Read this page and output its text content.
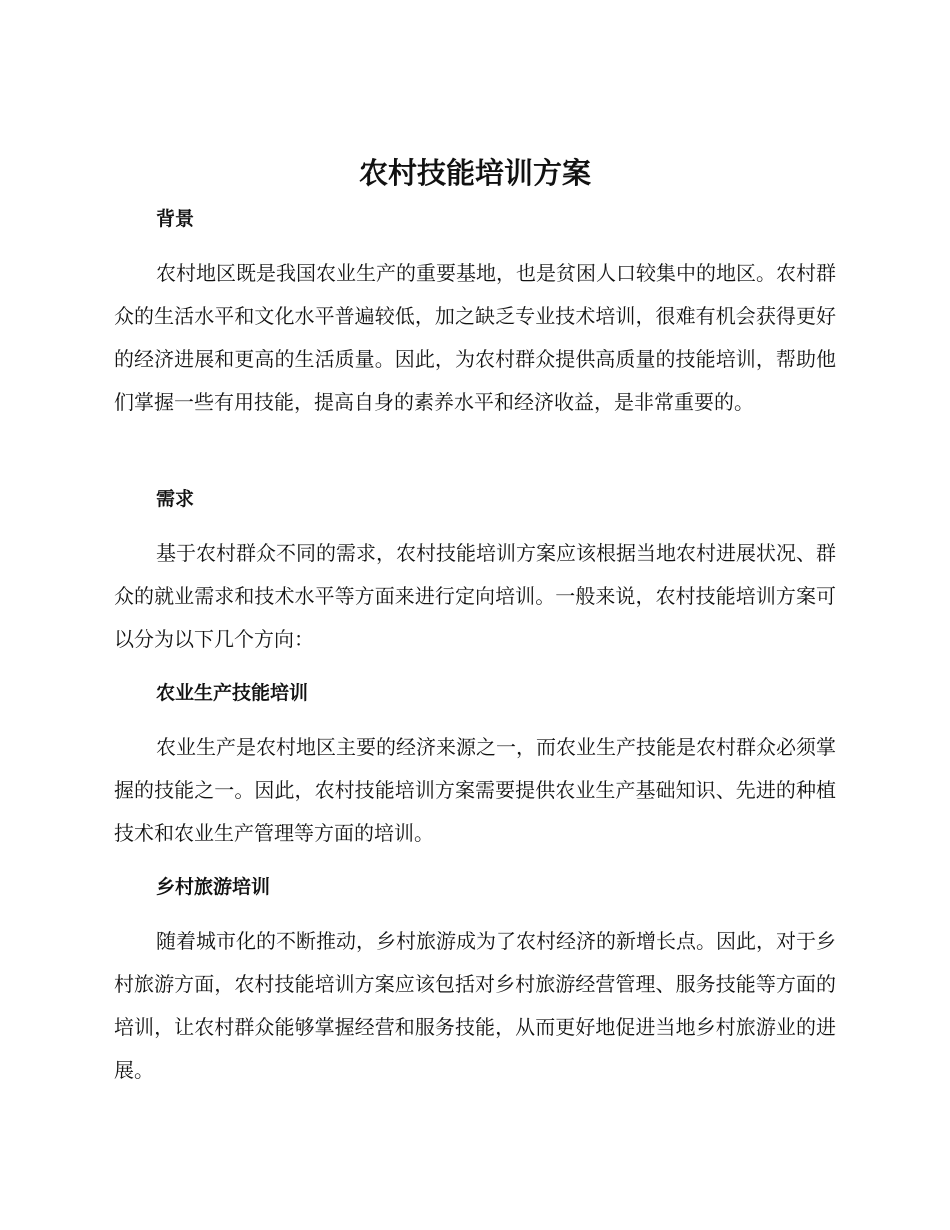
农村技能培训方案
背景

农村地区既是我国农业生产的重要基地，也是贫困人口较集中的地区。农村群众的生活水平和文化水平普遍较低，加之缺乏专业技术培训，很难有机会获得更好的经济进展和更高的生活质量。因此，为农村群众提供高质量的技能培训，帮助他们掌握一些有用技能，提高自身的素养水平和经济收益，是非常重要的。

需求

基于农村群众不同的需求，农村技能培训方案应该根据当地农村进展状况、群众的就业需求和技术水平等方面来进行定向培训。一般来说，农村技能培训方案可以分为以下几个方向：

农业生产技能培训

农业生产是农村地区主要的经济来源之一，而农业生产技能是农村群众必须掌握的技能之一。因此，农村技能培训方案需要提供农业生产基础知识、先进的种植技术和农业生产管理等方面的培训。

乡村旅游培训

随着城市化的不断推动，乡村旅游成为了农村经济的新增长点。因此，对于乡村旅游方面，农村技能培训方案应该包括对乡村旅游经营管理、服务技能等方面的培训，让农村群众能够掌握经营和服务技能，从而更好地促进当地乡村旅游业的进展。
